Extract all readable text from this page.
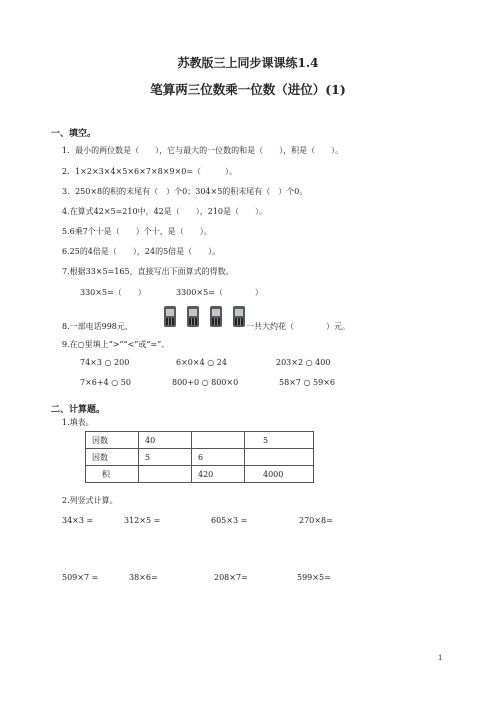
苏教版三上同步课课练1.4
笔算两三位数乘一位数（进位）(1)
一、填空。
1．最小的两位数是（　　），它与最大的一位数的和是（　　），积是（　　）。
2．1×2×3×4×5×6×7×8×9×0=（　　　）。
3．250×8的积的末尾有（　）个0；304×5的积末尾有（　）个0。
4.在算式42×5=210中，42是（　　），210是（　　）。
5.6乘7个十是（　　）个十，是（　　）。
6.25的4倍是（　　），24的5倍是（　　）。
7.根据33×5=165，直接写出下面算式的得数。
330×5=（　　）	3300×5=（　　　　）
8.一部电话998元，	一共大约花（　　　　）元。
9.在○里填上“>”“<”或“=”。
74×3 ○ 200	6×0×4 ○ 24	203×2 ○ 400
7×6+4 ○ 50	800+0 ○ 800×0	58×7 ○ 59×6
二、计算题。
1.填表。
因数	40		5
因数	5	6	
积		420	4000
2.列竖式计算。
34×3 =	312×5 =	605×3 =	270×8=
509×7 =	38×6=	208×7=	599×5=
1
